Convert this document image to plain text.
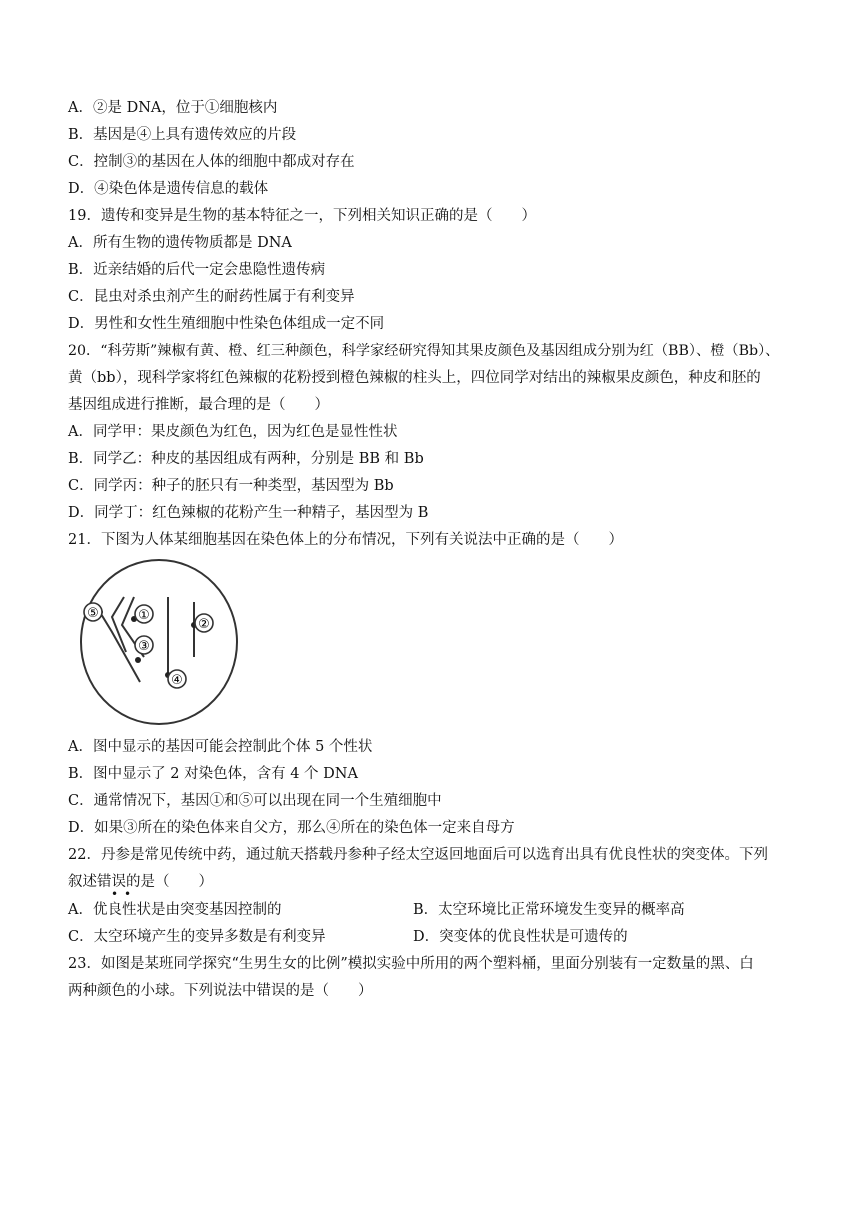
A．②是 DNA，位于①细胞核内
B．基因是④上具有遗传效应的片段
C．控制③的基因在人体的细胞中都成对存在
D．④染色体是遗传信息的载体
19．遗传和变异是生物的基本特征之一，下列相关知识正确的是（　　）
A．所有生物的遗传物质都是 DNA
B．近亲结婚的后代一定会患隐性遗传病
C．昆虫对杀虫剂产生的耐药性属于有利变异
D．男性和女性生殖细胞中性染色体组成一定不同
20．“科劳斯”辣椒有黄、橙、红三种颜色，科学家经研究得知其果皮颜色及基因组成分别为红（BB）、橙（Bb）、
黄（bb），现科学家将红色辣椒的花粉授到橙色辣椒的柱头上，四位同学对结出的辣椒果皮颜色，种皮和胚的
基因组成进行推断，最合理的是（　　）
A．同学甲：果皮颜色为红色，因为红色是显性性状
B．同学乙：种皮的基因组成有两种，分别是 BB 和 Bb
C．同学丙：种子的胚只有一种类型，基因型为 Bb
D．同学丁：红色辣椒的花粉产生一种精子，基因型为 B
21．下图为人体某细胞基因在染色体上的分布情况，下列有关说法中正确的是（　　）
⑤	①
②
③
④
A．图中显示的基因可能会控制此个体 5 个性状
B．图中显示了 2 对染色体，含有 4 个 DNA
C．通常情况下，基因①和⑤可以出现在同一个生殖细胞中
D．如果③所在的染色体来自父方，那么④所在的染色体一定来自母方
22．丹参是常见传统中药，通过航天搭载丹参种子经太空返回地面后可以选育出具有优良性状的突变体。下列
叙述错误的是（　　）
• •
A．优良性状是由突变基因控制的	B．太空环境比正常环境发生变异的概率高
C．太空环境产生的变异多数是有利变异	D．突变体的优良性状是可遗传的
23．如图是某班同学探究“生男生女的比例”模拟实验中所用的两个塑料桶，里面分别装有一定数量的黑、白
两种颜色的小球。下列说法中错误的是（　　）
